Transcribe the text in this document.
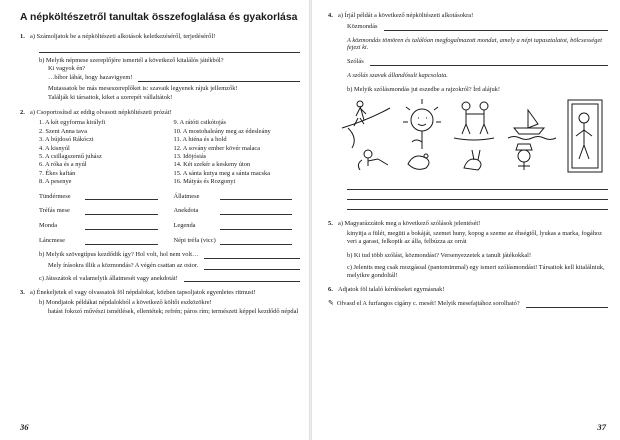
A népköltészetről tanultak összefoglalása és gyakorlása
1. a) Számoljatok be a népköltészeti alkotások keletkezéséről, terjedéséről!
b) Melyik népmese szereplőjére ismertél a következő kitalálós játékból?
Ki vagyok én?
…bíbor lábát, hogy hazavigyem!
Mutassatok be más meseszereplőket is: szavaik legyenek rájuk jellemzők!
Találják ki társaitok, kiket a szerepét vállaltátok!
2. a) Csoportosítsd az eddig olvasott népköltészeti prózát!
1. A két egyforma királyfi	9. A rátóti csikótojás
2. Szent Anna tava	10. A mostohaleány meg az édesleány
3. A bújdosó Rákóczi	11. A hiéna és a hold
4. A kisnyúl	12. A sovány ember kövér malaca
5. A csillagszemű juhász	13. Idöjósiás
6. A róka és a nyúl	14. Két szekér a keskeny úton
7. Ékes kaftán	15. A sánta kutya meg a sánta macska
8. A pesenye	16. Mátyás és Rozgonyi
Tündérmese	Állatmese
Tréfás mese	Anekdota
Monda	Legenda
Láncmese	Népi tréfa (vicc)
b) Melyik szövegtípus kezdődik így? Hol volt, hol nem volt…
Mely írásokra illik a közmondás? A végén csattan az ostor.
c) Játsszátok el valamelyik állatmesét vagy anekdotát!
3. a) Énekeljetek el vagy olvassatok föl népdalokat, közben tapsoljatok egyenletes ritmust!
b) Mondjatok példákat népdalokból a következő költői eszközökre!
hatást fokozó művészi ismétlések, ellentétek; refrén; páros rím; természeti képpel kezdődő népdal
36
4. a) Írjál példát a következő népköltészeti alkotásokra!
Közmondás
A közmondás tömören és találóan megfogalmazott mondat, amely a népi tapasztalatot, bölcsességet fejezi ki.
Szólás
A szólás szavak állandósult kapcsolata.
b) Melyik szólásmondás jut eszedbe a rajzokról? Írd alájuk!
5. a) Magyarázzátok meg a következő szólások jelentését!
kinyitja a fülét, megüti a bokáját, szemet huny, kopog a szeme az éhségtől, lyukas a marka, fogához veri a garast, felkopik az álla, felbúzza az orrát
b) Ki tud több szólást, közmondást? Versenyezzetek a tanult játékokkal!
c) Jelenits meg csak mozgással (pantomimmal) egy ismert szólásmondást! Társaitok kell kitalálniuk, melyikre gondoltál!
6. Adjatok föl talaló kérdéseket egymásnak!
✎ Olvasd el A furfangos cigány c. mesét! Melyik mesefajtához sorolható?
37
